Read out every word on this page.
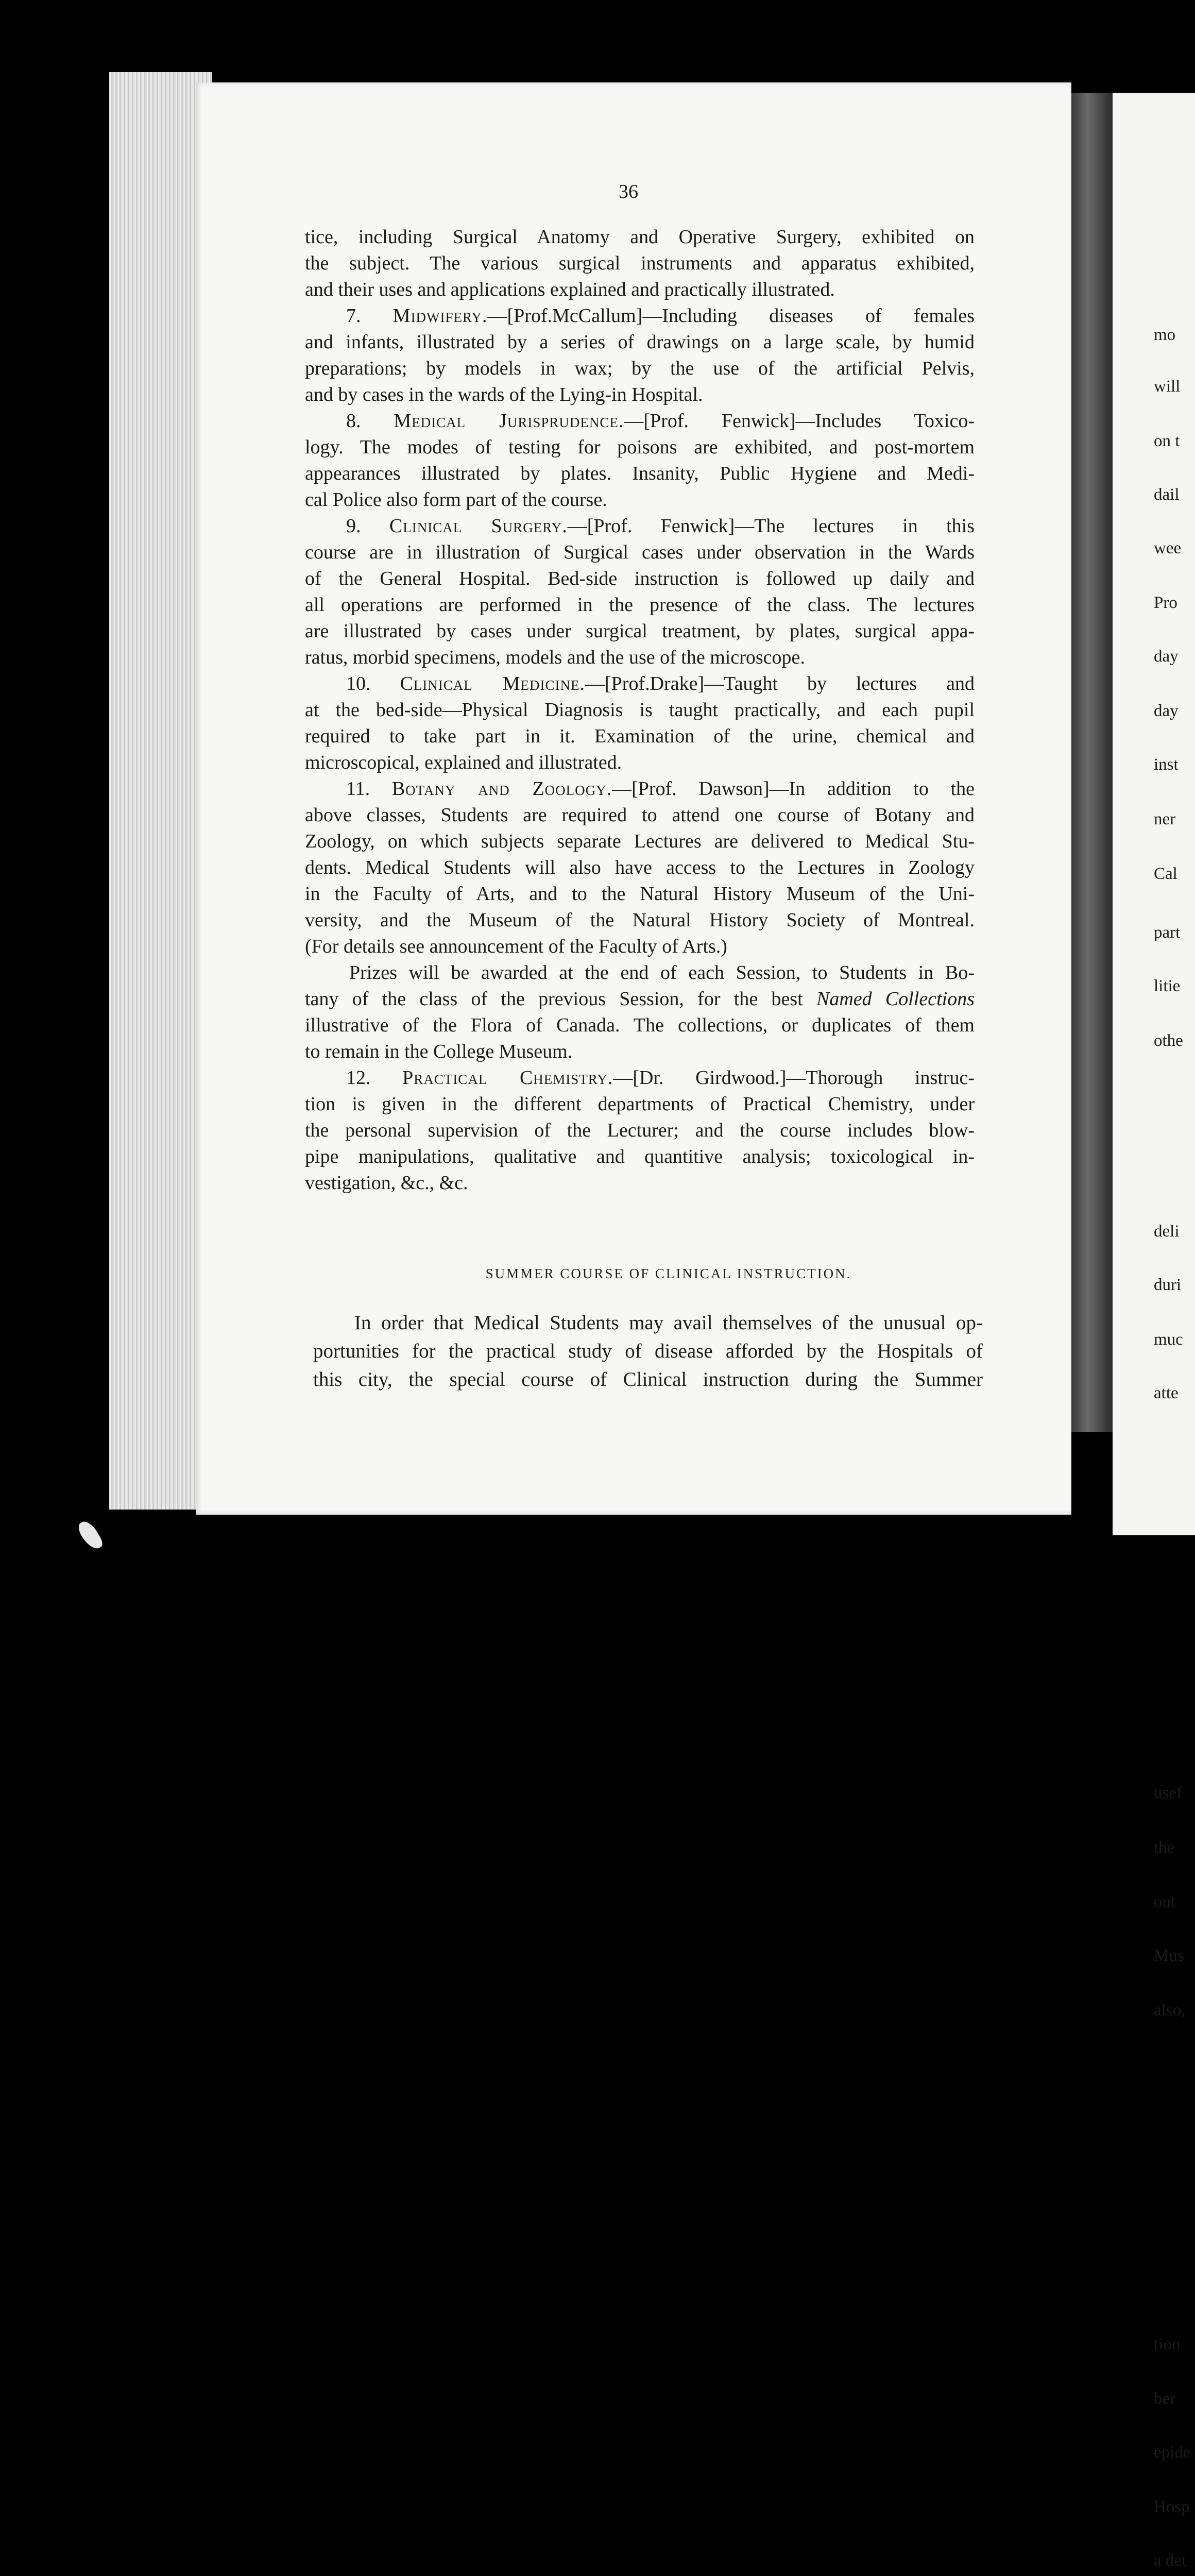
mo
will
on t
dail
wee
Pro
day
day
inst
ner
Cal
part
litie
othe
deli
duri
muc
atte
usef
the
out
Mus
also,
tion
ber
epide
Hosp
a det
36
tice, including Surgical Anatomy and Operative Surgery, exhibited on
the subject. The various surgical instruments and apparatus exhibited,
and their uses and applications explained and practically illustrated.
7. Midwifery.—[Prof.McCallum]—Including diseases of females
and infants, illustrated by a series of drawings on a large scale, by humid
preparations; by models in wax; by the use of the artificial Pelvis,
and by cases in the wards of the Lying-in Hospital.
8. Medical Jurisprudence.—[Prof. Fenwick]—Includes Toxico-
logy. The modes of testing for poisons are exhibited, and post-mortem
appearances illustrated by plates. Insanity, Public Hygiene and Medi-
cal Police also form part of the course.
9. Clinical Surgery.—[Prof. Fenwick]—The lectures in this
course are in illustration of Surgical cases under observation in the Wards
of the General Hospital. Bed-side instruction is followed up daily and
all operations are performed in the presence of the class. The lectures
are illustrated by cases under surgical treatment, by plates, surgical appa-
ratus, morbid specimens, models and the use of the microscope.
10. Clinical Medicine.—[Prof.Drake]—Taught by lectures and
at the bed-side—Physical Diagnosis is taught practically, and each pupil
required to take part in it. Examination of the urine, chemical and
microscopical, explained and illustrated.
11. Botany and Zoology.—[Prof. Dawson]—In addition to the
above classes, Students are required to attend one course of Botany and
Zoology, on which subjects separate Lectures are delivered to Medical Stu-
dents. Medical Students will also have access to the Lectures in Zoology
in the Faculty of Arts, and to the Natural History Museum of the Uni-
versity, and the Museum of the Natural History Society of Montreal.
(For details see announcement of the Faculty of Arts.)
Prizes will be awarded at the end of each Session, to Students in Bo-
tany of the class of the previous Session, for the best Named Collections
illustrative of the Flora of Canada. The collections, or duplicates of them
to remain in the College Museum.
12. Practical Chemistry.—[Dr. Girdwood.]—Thorough instruc-
tion is given in the different departments of Practical Chemistry, under
the personal supervision of the Lecturer; and the course includes blow-
pipe manipulations, qualitative and quantitive analysis; toxicological in-
vestigation, &c., &c.
SUMMER COURSE OF CLINICAL INSTRUCTION.
In order that Medical Students may avail themselves of the unusual op-
portunities for the practical study of disease afforded by the Hospitals of
this city, the special course of Clinical instruction during the Summer
